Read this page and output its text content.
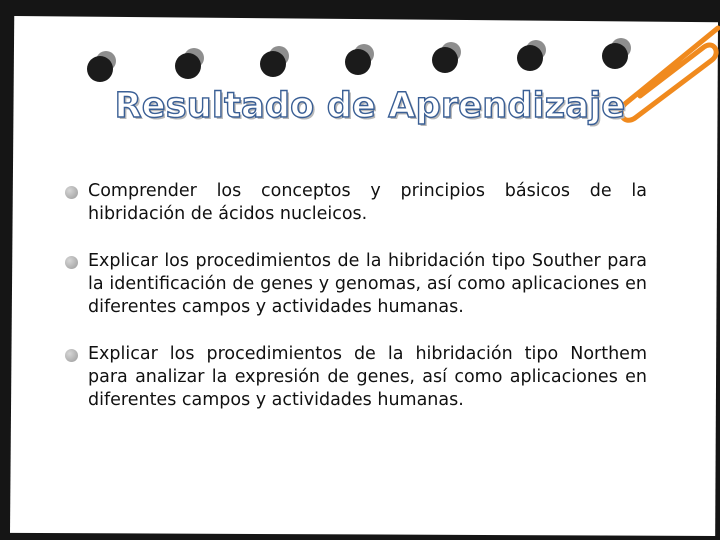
Resultado de Aprendizaje
Comprender los conceptos y principios básicos de la hibridación de ácidos nucleicos.
Explicar los procedimientos de la hibridación tipo Souther para la identificación de genes y genomas, así como aplicaciones en diferentes campos y actividades humanas.
Explicar los procedimientos de la hibridación tipo Northem para analizar la expresión de genes, así como aplicaciones en diferentes campos y actividades humanas.
